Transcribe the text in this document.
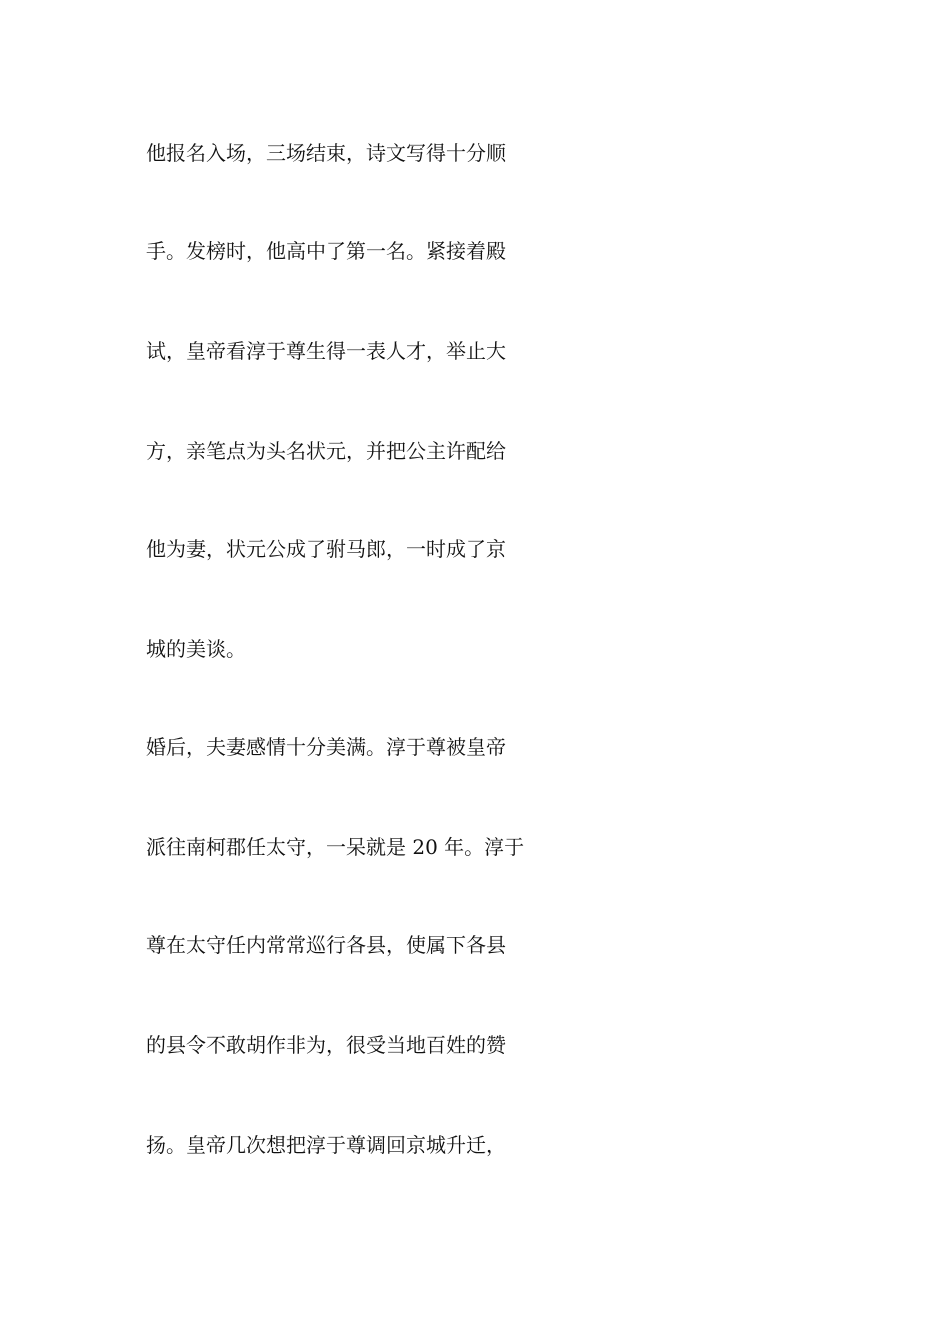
他报名入场，三场结束，诗文写得十分顺
手。发榜时，他高中了第一名。紧接着殿
试，皇帝看淳于尊生得一表人才，举止大
方，亲笔点为头名状元，并把公主许配给
他为妻，状元公成了驸马郎，一时成了京
城的美谈。
婚后，夫妻感情十分美满。淳于尊被皇帝
派往南柯郡任太守，一呆就是 20 年。淳于
尊在太守任内常常巡行各县，使属下各县
的县令不敢胡作非为，很受当地百姓的赞
扬。皇帝几次想把淳于尊调回京城升迁，
